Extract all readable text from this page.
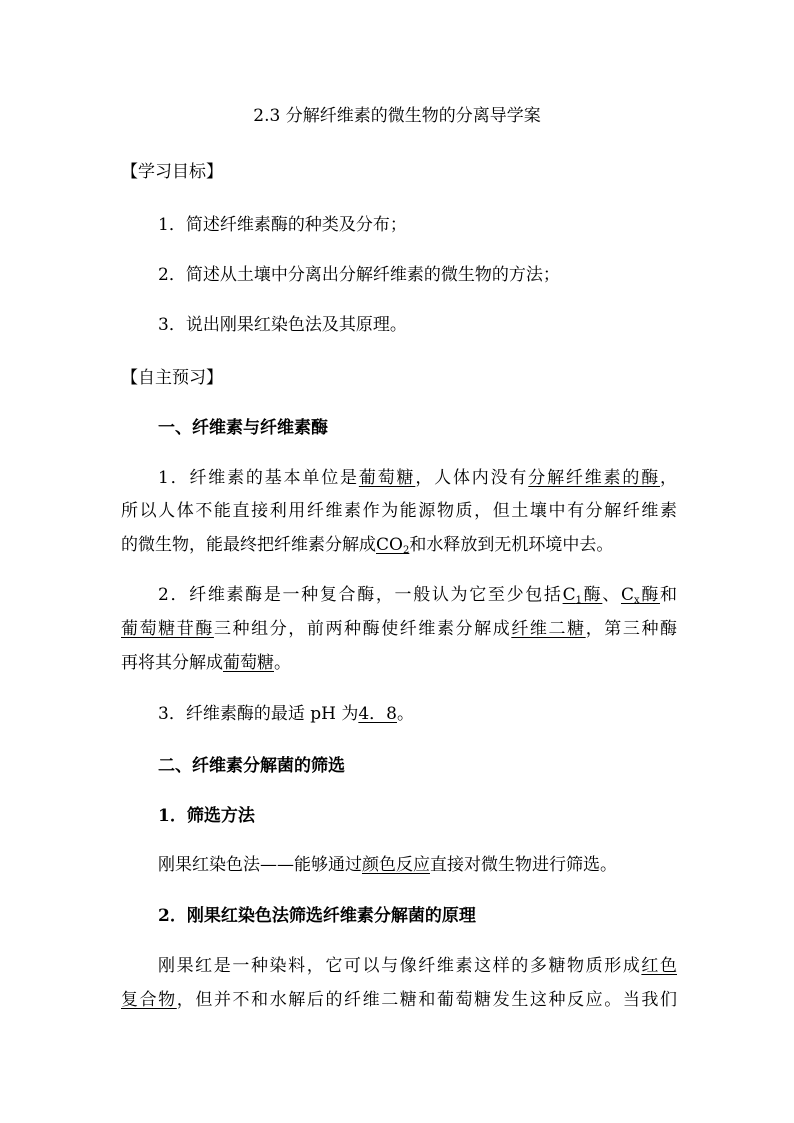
2.3 分解纤维素的微生物的分离导学案
【学习目标】
1．简述纤维素酶的种类及分布；
2．简述从土壤中分离出分解纤维素的微生物的方法；
3．说出刚果红染色法及其原理。
【自主预习】
一、纤维素与纤维素酶
1．纤维素的基本单位是葡萄糖，人体内没有分解纤维素的酶，
所以人体不能直接利用纤维素作为能源物质，但土壤中有分解纤维素
的微生物，能最终把纤维素分解成$CO_2$和水释放到无机环境中去。
2．纤维素酶是一种复合酶，一般认为它至少包括$C_1$酶、$C_x$酶和
葡萄糖苷酶三种组分，前两种酶使纤维素分解成纤维二糖，第三种酶
再将其分解成葡萄糖。
3．纤维素酶的最适 pH 为4．8。
二、纤维素分解菌的筛选
1．筛选方法
刚果红染色法——能够通过颜色反应直接对微生物进行筛选。
2．刚果红染色法筛选纤维素分解菌的原理
刚果红是一种染料，它可以与像纤维素这样的多糖物质形成红色
复合物，但并不和水解后的纤维二糖和葡萄糖发生这种反应。当我们
